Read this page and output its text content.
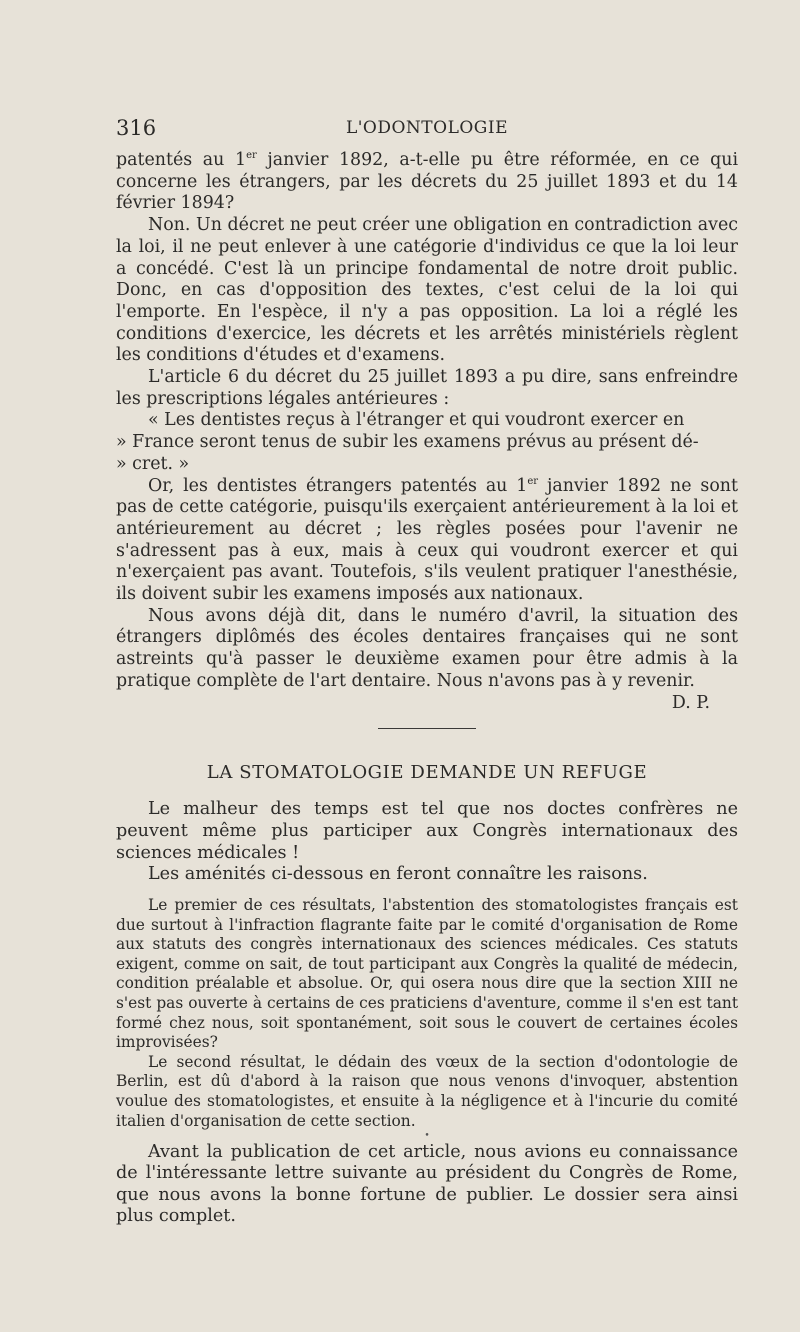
316	L'ODONTOLOGIE

patentés au 1er janvier 1892, a-t-elle pu être réformée, en ce qui concerne les étrangers, par les décrets du 25 juillet 1893 et du 14 février 1894?

Non. Un décret ne peut créer une obligation en contradiction avec la loi, il ne peut enlever à une catégorie d'individus ce que la loi leur a concédé. C'est là un principe fondamental de notre droit public. Donc, en cas d'opposition des textes, c'est celui de la loi qui l'emporte. En l'espèce, il n'y a pas opposition. La loi a réglé les conditions d'exercice, les décrets et les arrêtés ministériels règlent les conditions d'études et d'examens.

L'article 6 du décret du 25 juillet 1893 a pu dire, sans enfreindre les prescriptions légales antérieures :

« Les dentistes reçus à l'étranger et qui voudront exercer en

» France seront tenus de subir les examens prévus au présent dé-

» cret. »

Or, les dentistes étrangers patentés au 1er janvier 1892 ne sont pas de cette catégorie, puisqu'ils exerçaient antérieurement à la loi et antérieurement au décret ; les règles posées pour l'avenir ne s'adressent pas à eux, mais à ceux qui voudront exercer et qui n'exerçaient pas avant. Toutefois, s'ils veulent pratiquer l'anesthésie, ils doivent subir les examens imposés aux nationaux.

Nous avons déjà dit, dans le numéro d'avril, la situation des étrangers diplômés des écoles dentaires françaises qui ne sont astreints qu'à passer le deuxième examen pour être admis à la pratique complète de l'art dentaire. Nous n'avons pas à y revenir.

D. P.

LA STOMATOLOGIE DEMANDE UN REFUGE

Le malheur des temps est tel que nos doctes confrères ne peuvent même plus participer aux Congrès internationaux des sciences médicales !

Les aménités ci-dessous en feront connaître les raisons.

Le premier de ces résultats, l'abstention des stomatologistes français est due surtout à l'infraction flagrante faite par le comité d'organisation de Rome aux statuts des congrès internationaux des sciences médicales. Ces statuts exigent, comme on sait, de tout participant aux Congrès la qualité de médecin, condition préalable et absolue. Or, qui osera nous dire que la section XIII ne s'est pas ouverte à certains de ces praticiens d'aventure, comme il s'en est tant formé chez nous, soit spontanément, soit sous le couvert de certaines écoles improvisées?

Le second résultat, le dédain des vœux de la section d'odontologie de Berlin, est dû d'abord à la raison que nous venons d'invoquer, abstention voulue des stomatologistes, et ensuite à la négligence et à l'incurie du comité italien d'organisation de cette section.

•

Avant la publication de cet article, nous avions eu connaissance de l'intéressante lettre suivante au président du Congrès de Rome, que nous avons la bonne fortune de publier. Le dossier sera ainsi plus complet.
